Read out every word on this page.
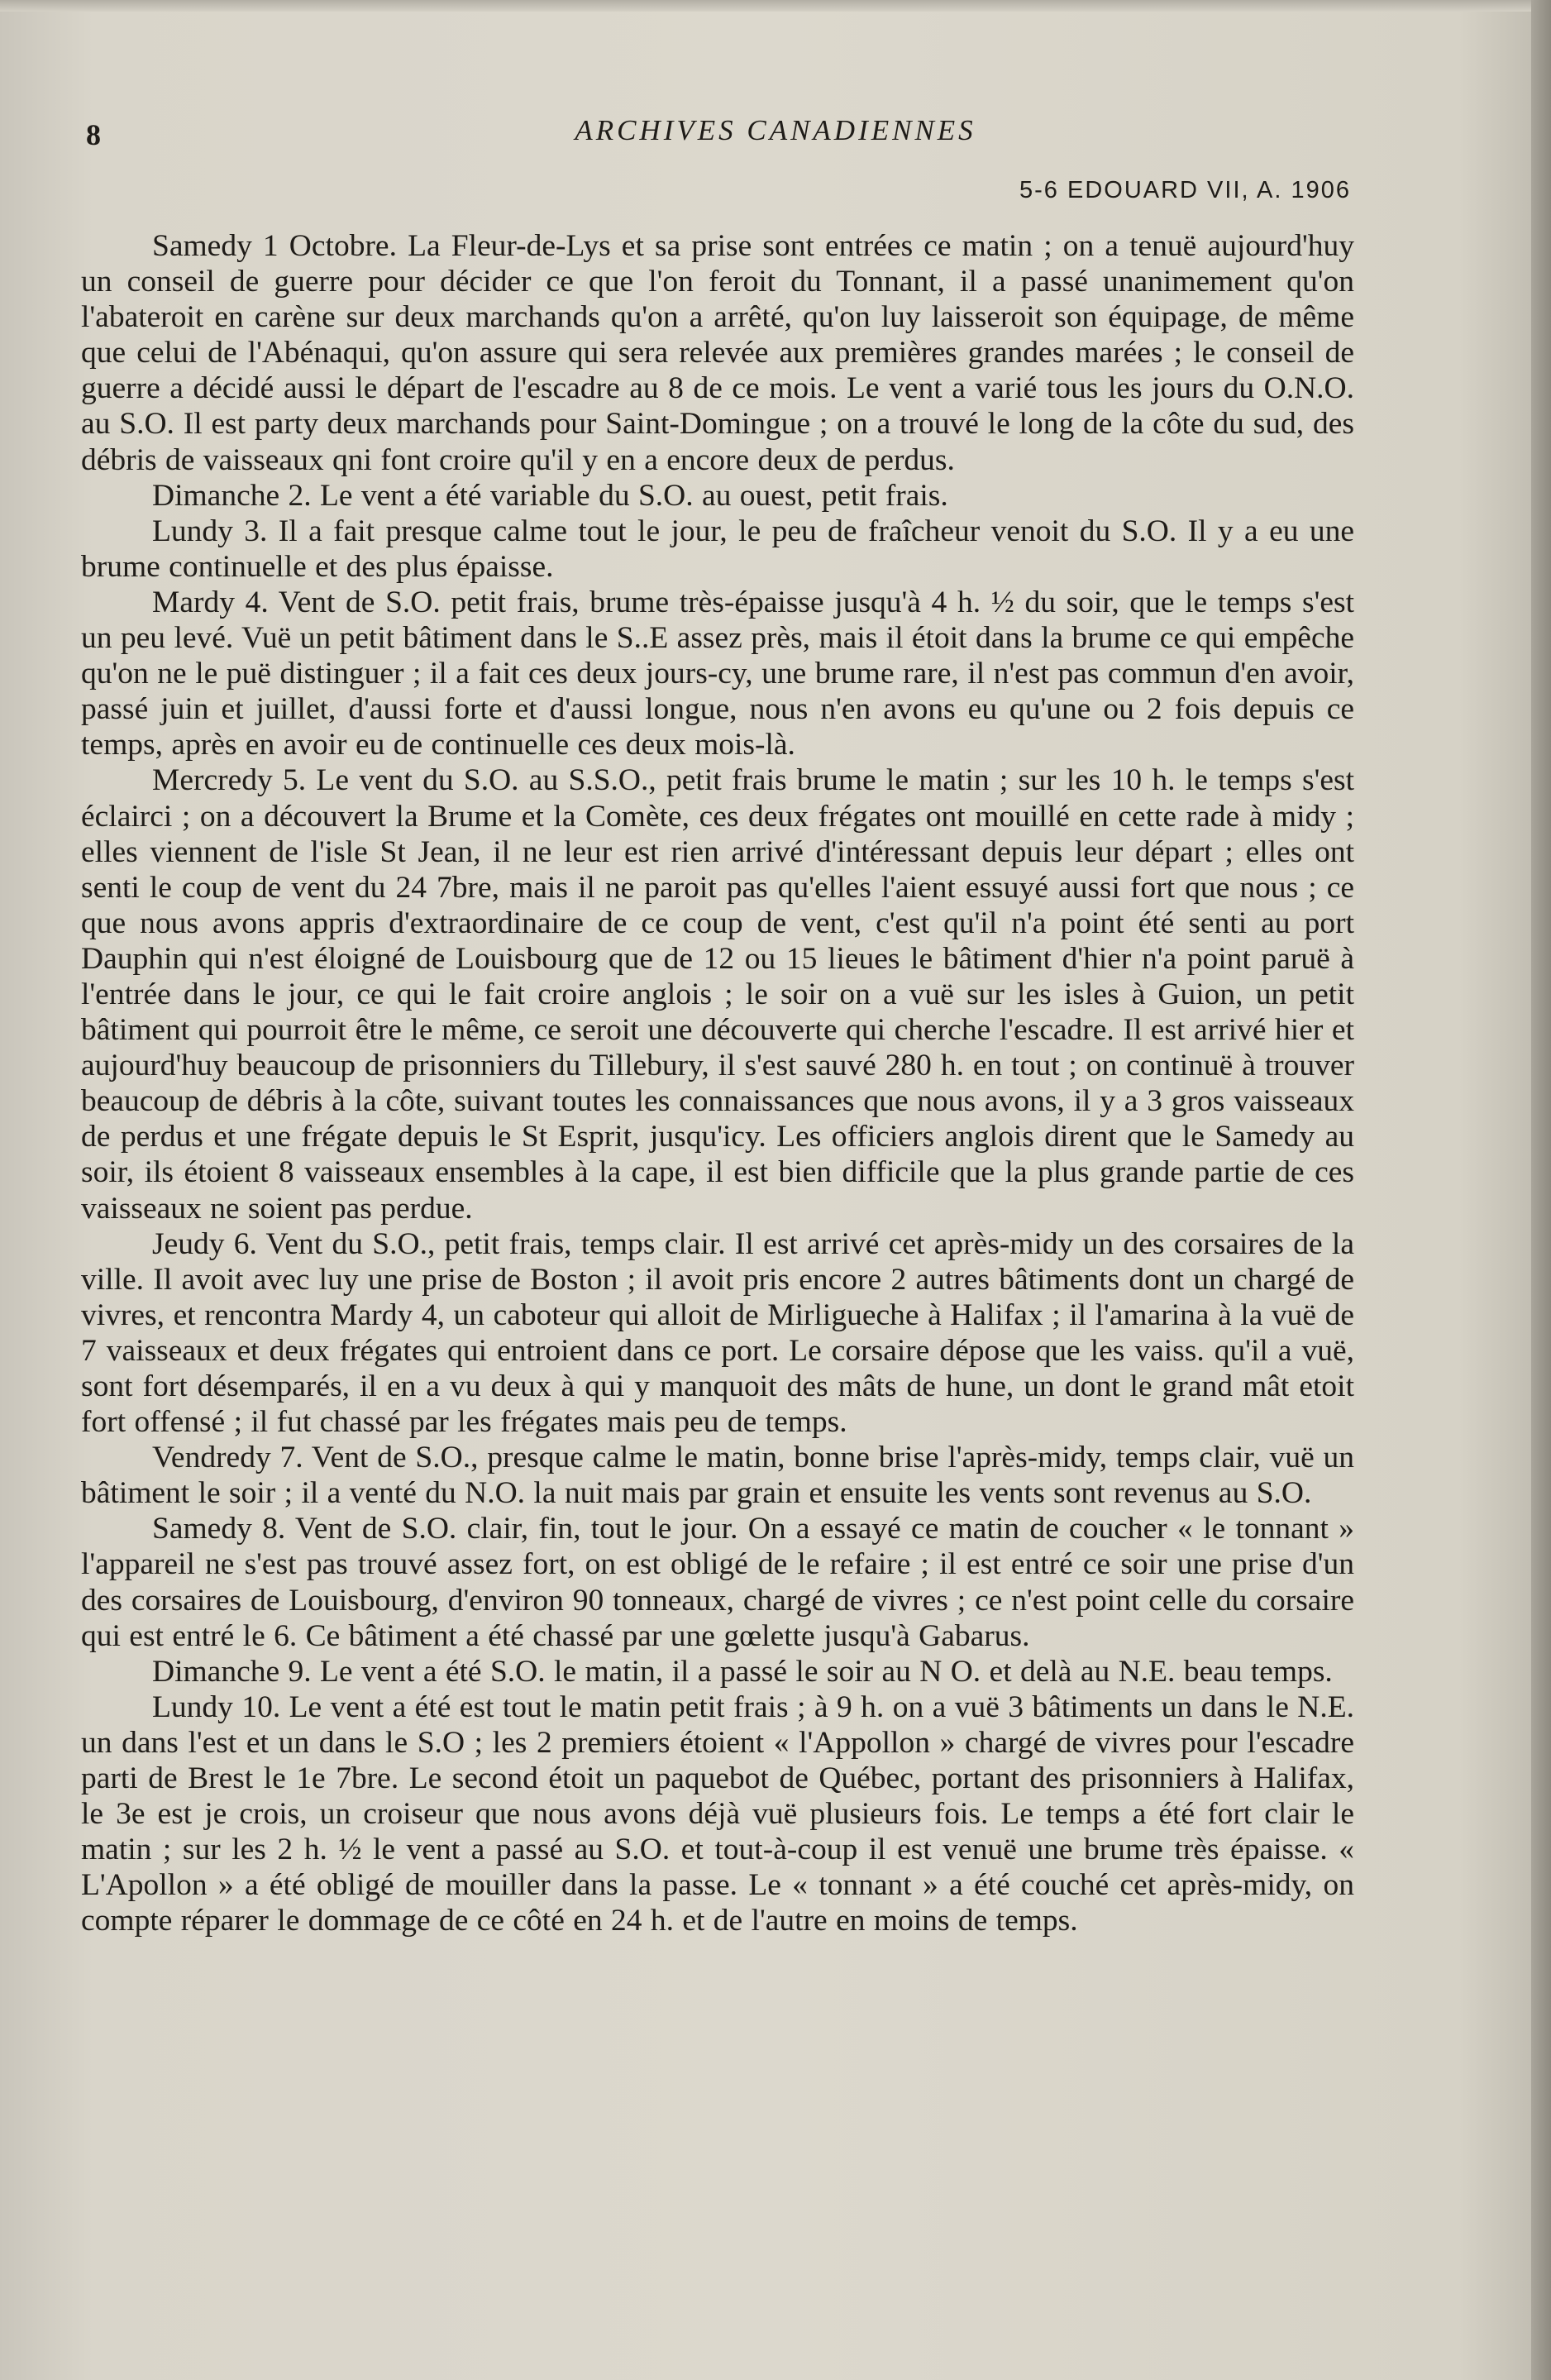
8	ARCHIVES CANADIENNES
5-6 EDOUARD VII, A. 1906

Samedy 1 Octobre. La Fleur-de-Lys et sa prise sont entrées ce matin ; on a tenuë aujourd'huy un conseil de guerre pour décider ce que l'on feroit du Tonnant, il a passé unanimement qu'on l'abateroit en carène sur deux marchands qu'on a arrêté, qu'on luy laisseroit son équipage, de même que celui de l'Abénaqui, qu'on assure qui sera relevée aux premières grandes marées ; le conseil de guerre a décidé aussi le départ de l'escadre au 8 de ce mois. Le vent a varié tous les jours du O.N.O. au S.O. Il est party deux marchands pour Saint-Domingue ; on a trouvé le long de la côte du sud, des débris de vaisseaux qni font croire qu'il y en a encore deux de perdus.

Dimanche 2. Le vent a été variable du S.O. au ouest, petit frais.

Lundy 3. Il a fait presque calme tout le jour, le peu de fraîcheur venoit du S.O. Il y a eu une brume continuelle et des plus épaisse.

Mardy 4. Vent de S.O. petit frais, brume très-épaisse jusqu'à 4 h. ½ du soir, que le temps s'est un peu levé. Vuë un petit bâtiment dans le S..E assez près, mais il étoit dans la brume ce qui empêche qu'on ne le puë distinguer ; il a fait ces deux jours-cy, une brume rare, il n'est pas commun d'en avoir, passé juin et juillet, d'aussi forte et d'aussi longue, nous n'en avons eu qu'une ou 2 fois depuis ce temps, après en avoir eu de continuelle ces deux mois-là.

Mercredy 5. Le vent du S.O. au S.S.O., petit frais brume le matin ; sur les 10 h. le temps s'est éclairci ; on a découvert la Brume et la Comète, ces deux frégates ont mouillé en cette rade à midy ; elles viennent de l'isle St Jean, il ne leur est rien arrivé d'intéressant depuis leur départ ; elles ont senti le coup de vent du 24 7bre, mais il ne paroit pas qu'elles l'aient essuyé aussi fort que nous ; ce que nous avons appris d'extraordinaire de ce coup de vent, c'est qu'il n'a point été senti au port Dauphin qui n'est éloigné de Louisbourg que de 12 ou 15 lieues le bâtiment d'hier n'a point paruë à l'entrée dans le jour, ce qui le fait croire anglois ; le soir on a vuë sur les isles à Guion, un petit bâtiment qui pourroit être le même, ce seroit une découverte qui cherche l'escadre. Il est arrivé hier et aujourd'huy beaucoup de prisonniers du Tillebury, il s'est sauvé 280 h. en tout ; on continuë à trouver beaucoup de débris à la côte, suivant toutes les connaissances que nous avons, il y a 3 gros vaisseaux de perdus et une frégate depuis le St Esprit, jusqu'icy. Les officiers anglois dirent que le Samedy au soir, ils étoient 8 vaisseaux ensembles à la cape, il est bien difficile que la plus grande partie de ces vaisseaux ne soient pas perdue.

Jeudy 6. Vent du S.O., petit frais, temps clair. Il est arrivé cet après-midy un des corsaires de la ville. Il avoit avec luy une prise de Boston ; il avoit pris encore 2 autres bâtiments dont un chargé de vivres, et rencontra Mardy 4, un caboteur qui alloit de Mirligueche à Halifax ; il l'amarina à la vuë de 7 vaisseaux et deux frégates qui entroient dans ce port. Le corsaire dépose que les vaiss. qu'il a vuë, sont fort désemparés, il en a vu deux à qui y manquoit des mâts de hune, un dont le grand mât etoit fort offensé ; il fut chassé par les frégates mais peu de temps.

Vendredy 7. Vent de S.O., presque calme le matin, bonne brise l'après-midy, temps clair, vuë un bâtiment le soir ; il a venté du N.O. la nuit mais par grain et ensuite les vents sont revenus au S.O.

Samedy 8. Vent de S.O. clair, fin, tout le jour. On a essayé ce matin de coucher « le tonnant » l'appareil ne s'est pas trouvé assez fort, on est obligé de le refaire ; il est entré ce soir une prise d'un des corsaires de Louisbourg, d'environ 90 tonneaux, chargé de vivres ; ce n'est point celle du corsaire qui est entré le 6. Ce bâtiment a été chassé par une gœlette jusqu'à Gabarus.

Dimanche 9. Le vent a été S.O. le matin, il a passé le soir au N O. et delà au N.E. beau temps.

Lundy 10. Le vent a été est tout le matin petit frais ; à 9 h. on a vuë 3 bâtiments un dans le N.E. un dans l'est et un dans le S.O ; les 2 premiers étoient « l'Appollon » chargé de vivres pour l'escadre parti de Brest le 1e 7bre. Le second étoit un paquebot de Québec, portant des prisonniers à Halifax, le 3e est je crois, un croiseur que nous avons déjà vuë plusieurs fois. Le temps a été fort clair le matin ; sur les 2 h. ½ le vent a passé au S.O. et tout-à-coup il est venuë une brume très épaisse. « L'Apollon » a été obligé de mouiller dans la passe. Le « tonnant » a été couché cet après-midy, on compte réparer le dommage de ce côté en 24 h. et de l'autre en moins de temps.
